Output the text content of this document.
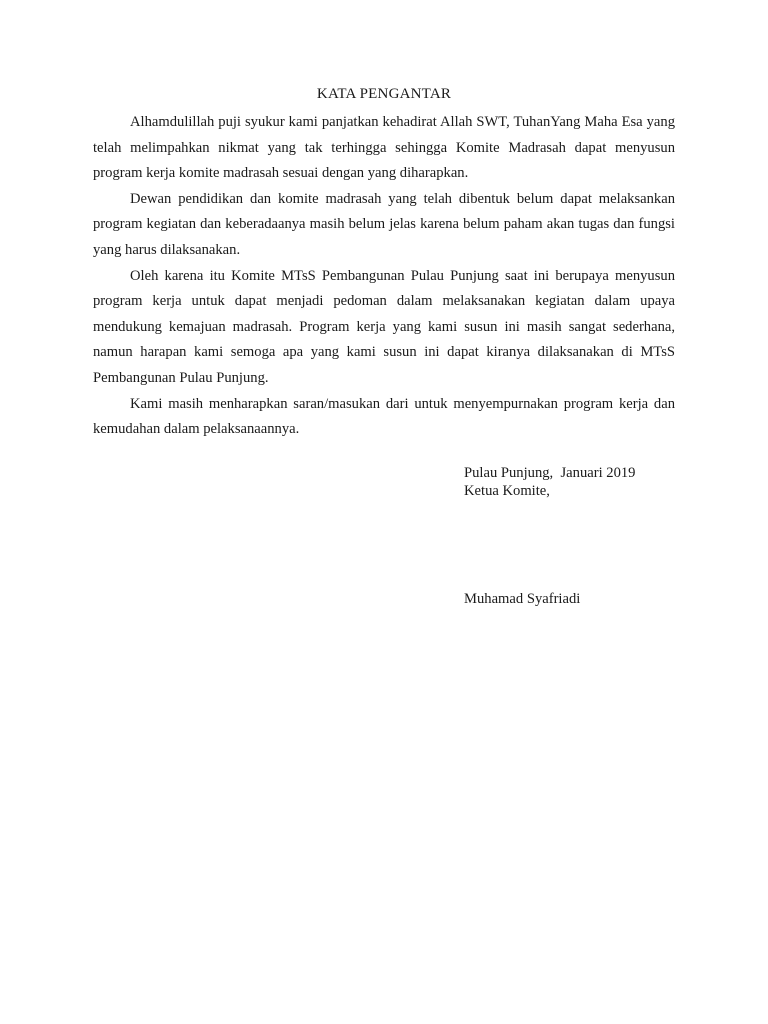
KATA PENGANTAR

Alhamdulillah puji syukur kami panjatkan kehadirat Allah SWT, TuhanYang Maha Esa yang telah melimpahkan nikmat yang tak terhingga sehingga Komite Madrasah dapat menyusun program kerja komite madrasah sesuai dengan yang diharapkan.

Dewan pendidikan dan komite madrasah yang telah dibentuk belum dapat melaksankan program kegiatan dan keberadaanya masih belum jelas karena belum paham akan tugas dan fungsi yang harus dilaksanakan.

Oleh karena itu Komite MTsS Pembangunan Pulau Punjung saat ini berupaya menyusun program kerja untuk dapat menjadi pedoman dalam melaksanakan kegiatan dalam upaya mendukung kemajuan madrasah. Program kerja yang kami susun ini masih sangat sederhana, namun harapan kami semoga apa yang kami susun ini dapat kiranya dilaksanakan di MTsS Pembangunan Pulau Punjung.

Kami masih menharapkan saran/masukan dari untuk menyempurnakan program kerja dan kemudahan dalam pelaksanaannya.

Pulau Punjung,  Januari 2019
Ketua Komite,
Muhamad Syafriadi
